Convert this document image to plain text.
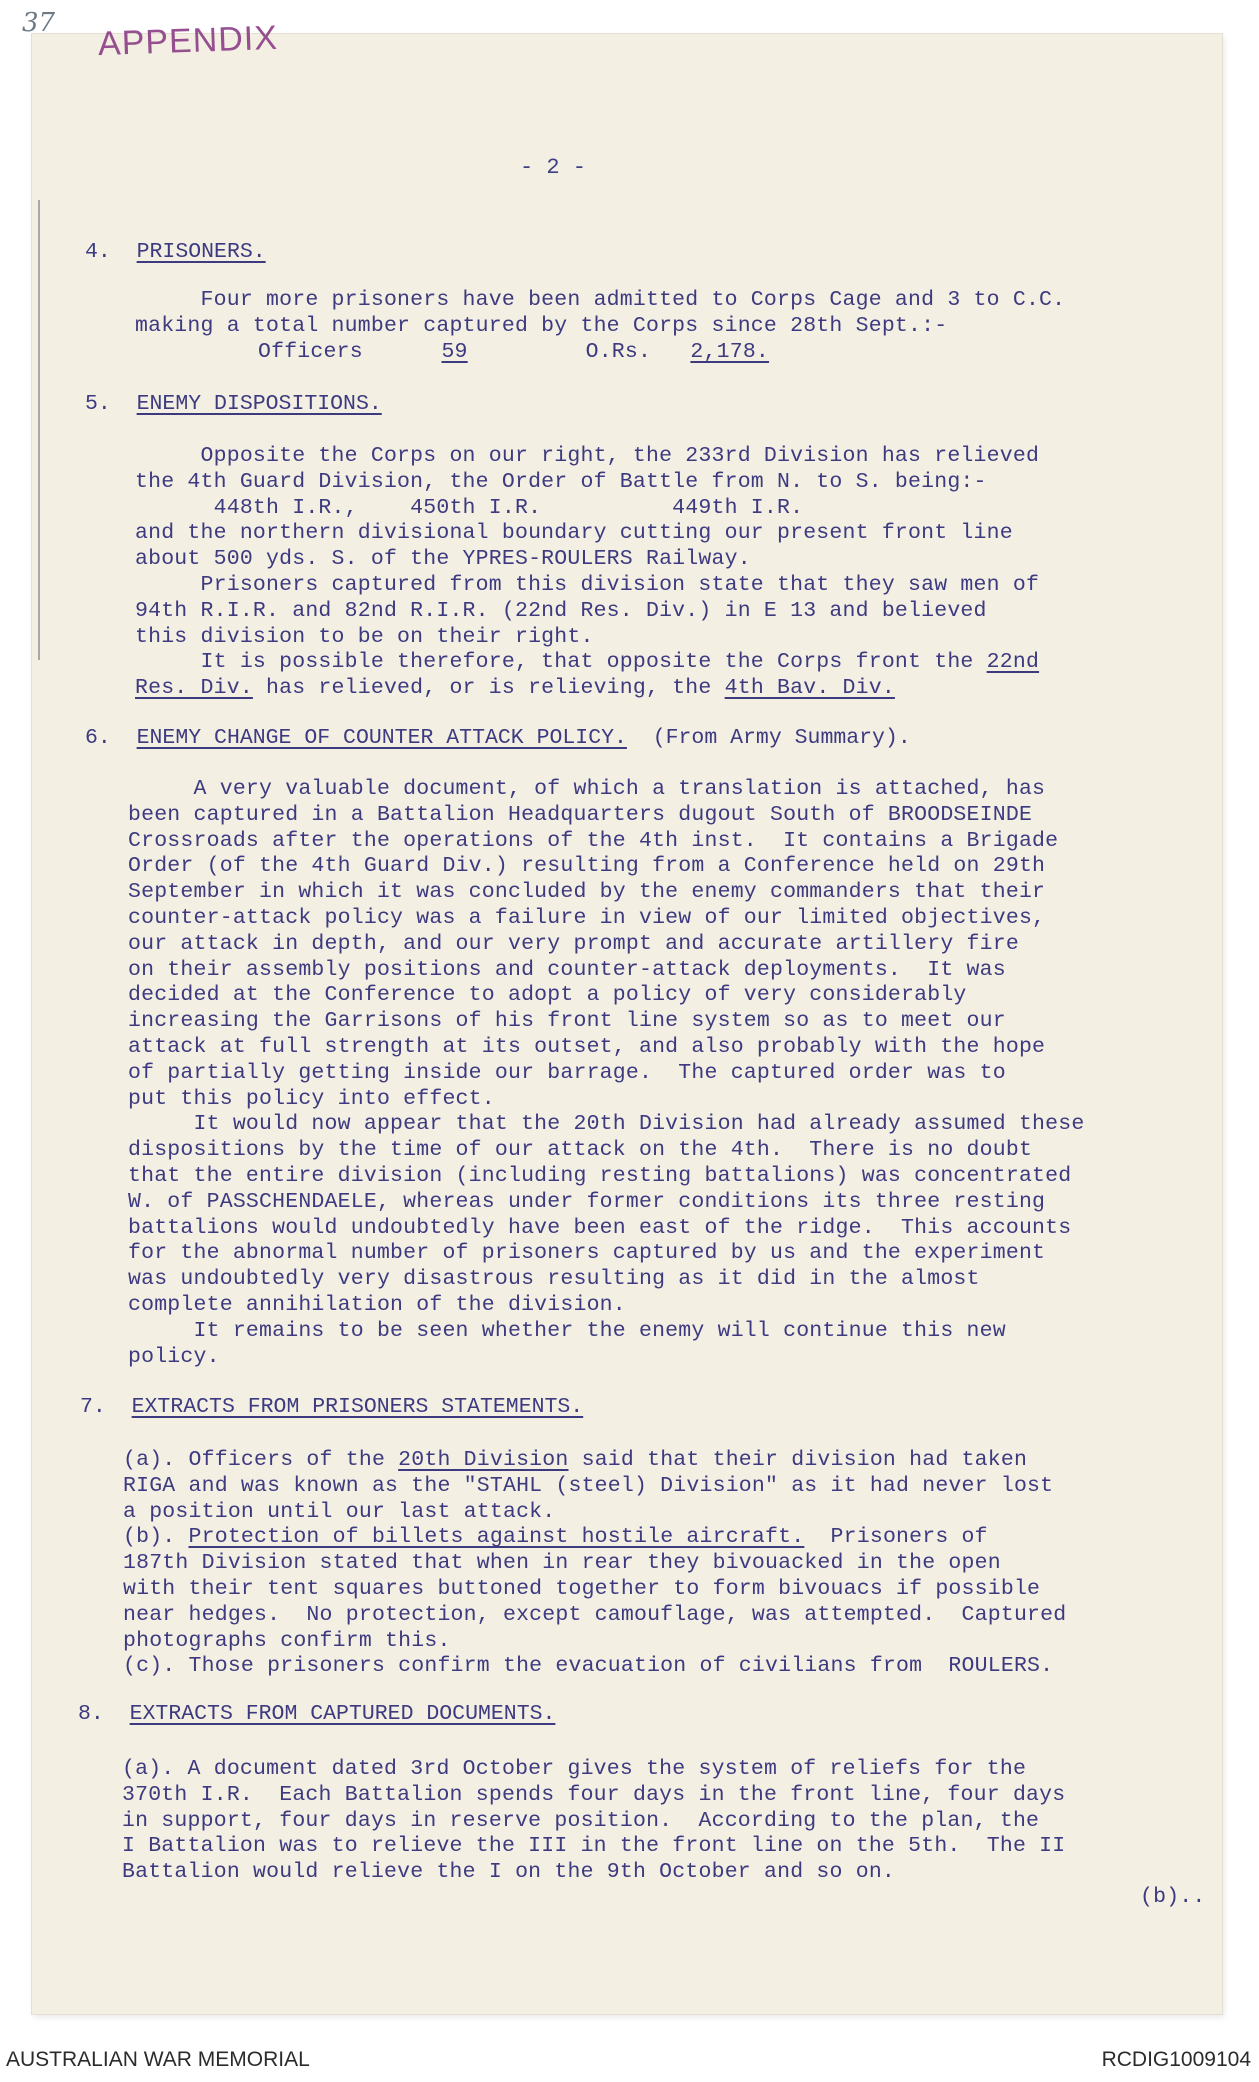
37 APPENDIX
- 2 -
4. PRISONERS.
Four more prisoners have been admitted to Corps Cage and 3 to C.C.
making a total number captured by the Corps since 28th Sept.:-
Officers	59	O.Rs. 2,178.
5. ENEMY DISPOSITIONS.
Opposite the Corps on our right, the 233rd Division has relieved
the 4th Guard Division, the Order of Battle from N. to S. being:-
448th I.R.,    450th I.R.          449th I.R.
and the northern divisional boundary cutting our present front line
about 500 yds. S. of the YPRES-ROULERS Railway.
Prisoners captured from this division state that they saw men of
94th R.I.R. and 82nd R.I.R. (22nd Res. Div.) in E 13 and believed
this division to be on their right.
It is possible therefore, that opposite the Corps front the 22nd
Res. Div. has relieved, or is relieving, the 4th Bav. Div.
6. ENEMY CHANGE OF COUNTER ATTACK POLICY. (From Army Summary).
A very valuable document, of which a translation is attached, has
been captured in a Battalion Headquarters dugout South of BROODSEINDE
Crossroads after the operations of the 4th inst.  It contains a Brigade
Order (of the 4th Guard Div.) resulting from a Conference held on 29th
September in which it was concluded by the enemy commanders that their
counter-attack policy was a failure in view of our limited objectives,
our attack in depth, and our very prompt and accurate artillery fire
on their assembly positions and counter-attack deployments.  It was
decided at the Conference to adopt a policy of very considerably
increasing the Garrisons of his front line system so as to meet our
attack at full strength at its outset, and also probably with the hope
of partially getting inside our barrage.  The captured order was to
put this policy into effect.
It would now appear that the 20th Division had already assumed these
dispositions by the time of our attack on the 4th.  There is no doubt
that the entire division (including resting battalions) was concentrated
W. of PASSCHENDAELE, whereas under former conditions its three resting
battalions would undoubtedly have been east of the ridge.  This accounts
for the abnormal number of prisoners captured by us and the experiment
was undoubtedly very disastrous resulting as it did in the almost
complete annihilation of the division.
It remains to be seen whether the enemy will continue this new
policy.
7. EXTRACTS FROM PRISONERS STATEMENTS.
(a). Officers of the 20th Division said that their division had taken
RIGA and was known as the "STAHL (steel) Division" as it had never lost
a position until our last attack.
(b). Protection of billets against hostile aircraft.  Prisoners of
187th Division stated that when in rear they bivouacked in the open
with their tent squares buttoned together to form bivouacs if possible
near hedges.  No protection, except camouflage, was attempted.  Captured
photographs confirm this.
(c). Those prisoners confirm the evacuation of civilians from  ROULERS.
8. EXTRACTS FROM CAPTURED DOCUMENTS.
(a). A document dated 3rd October gives the system of reliefs for the
370th I.R.  Each Battalion spends four days in the front line, four days
in support, four days in reserve position.  According to the plan, the
I Battalion was to relieve the III in the front line on the 5th.  The II
Battalion would relieve the I on the 9th October and so on.
(b)..
AUSTRALIAN WAR MEMORIAL	RCDIG1009104
